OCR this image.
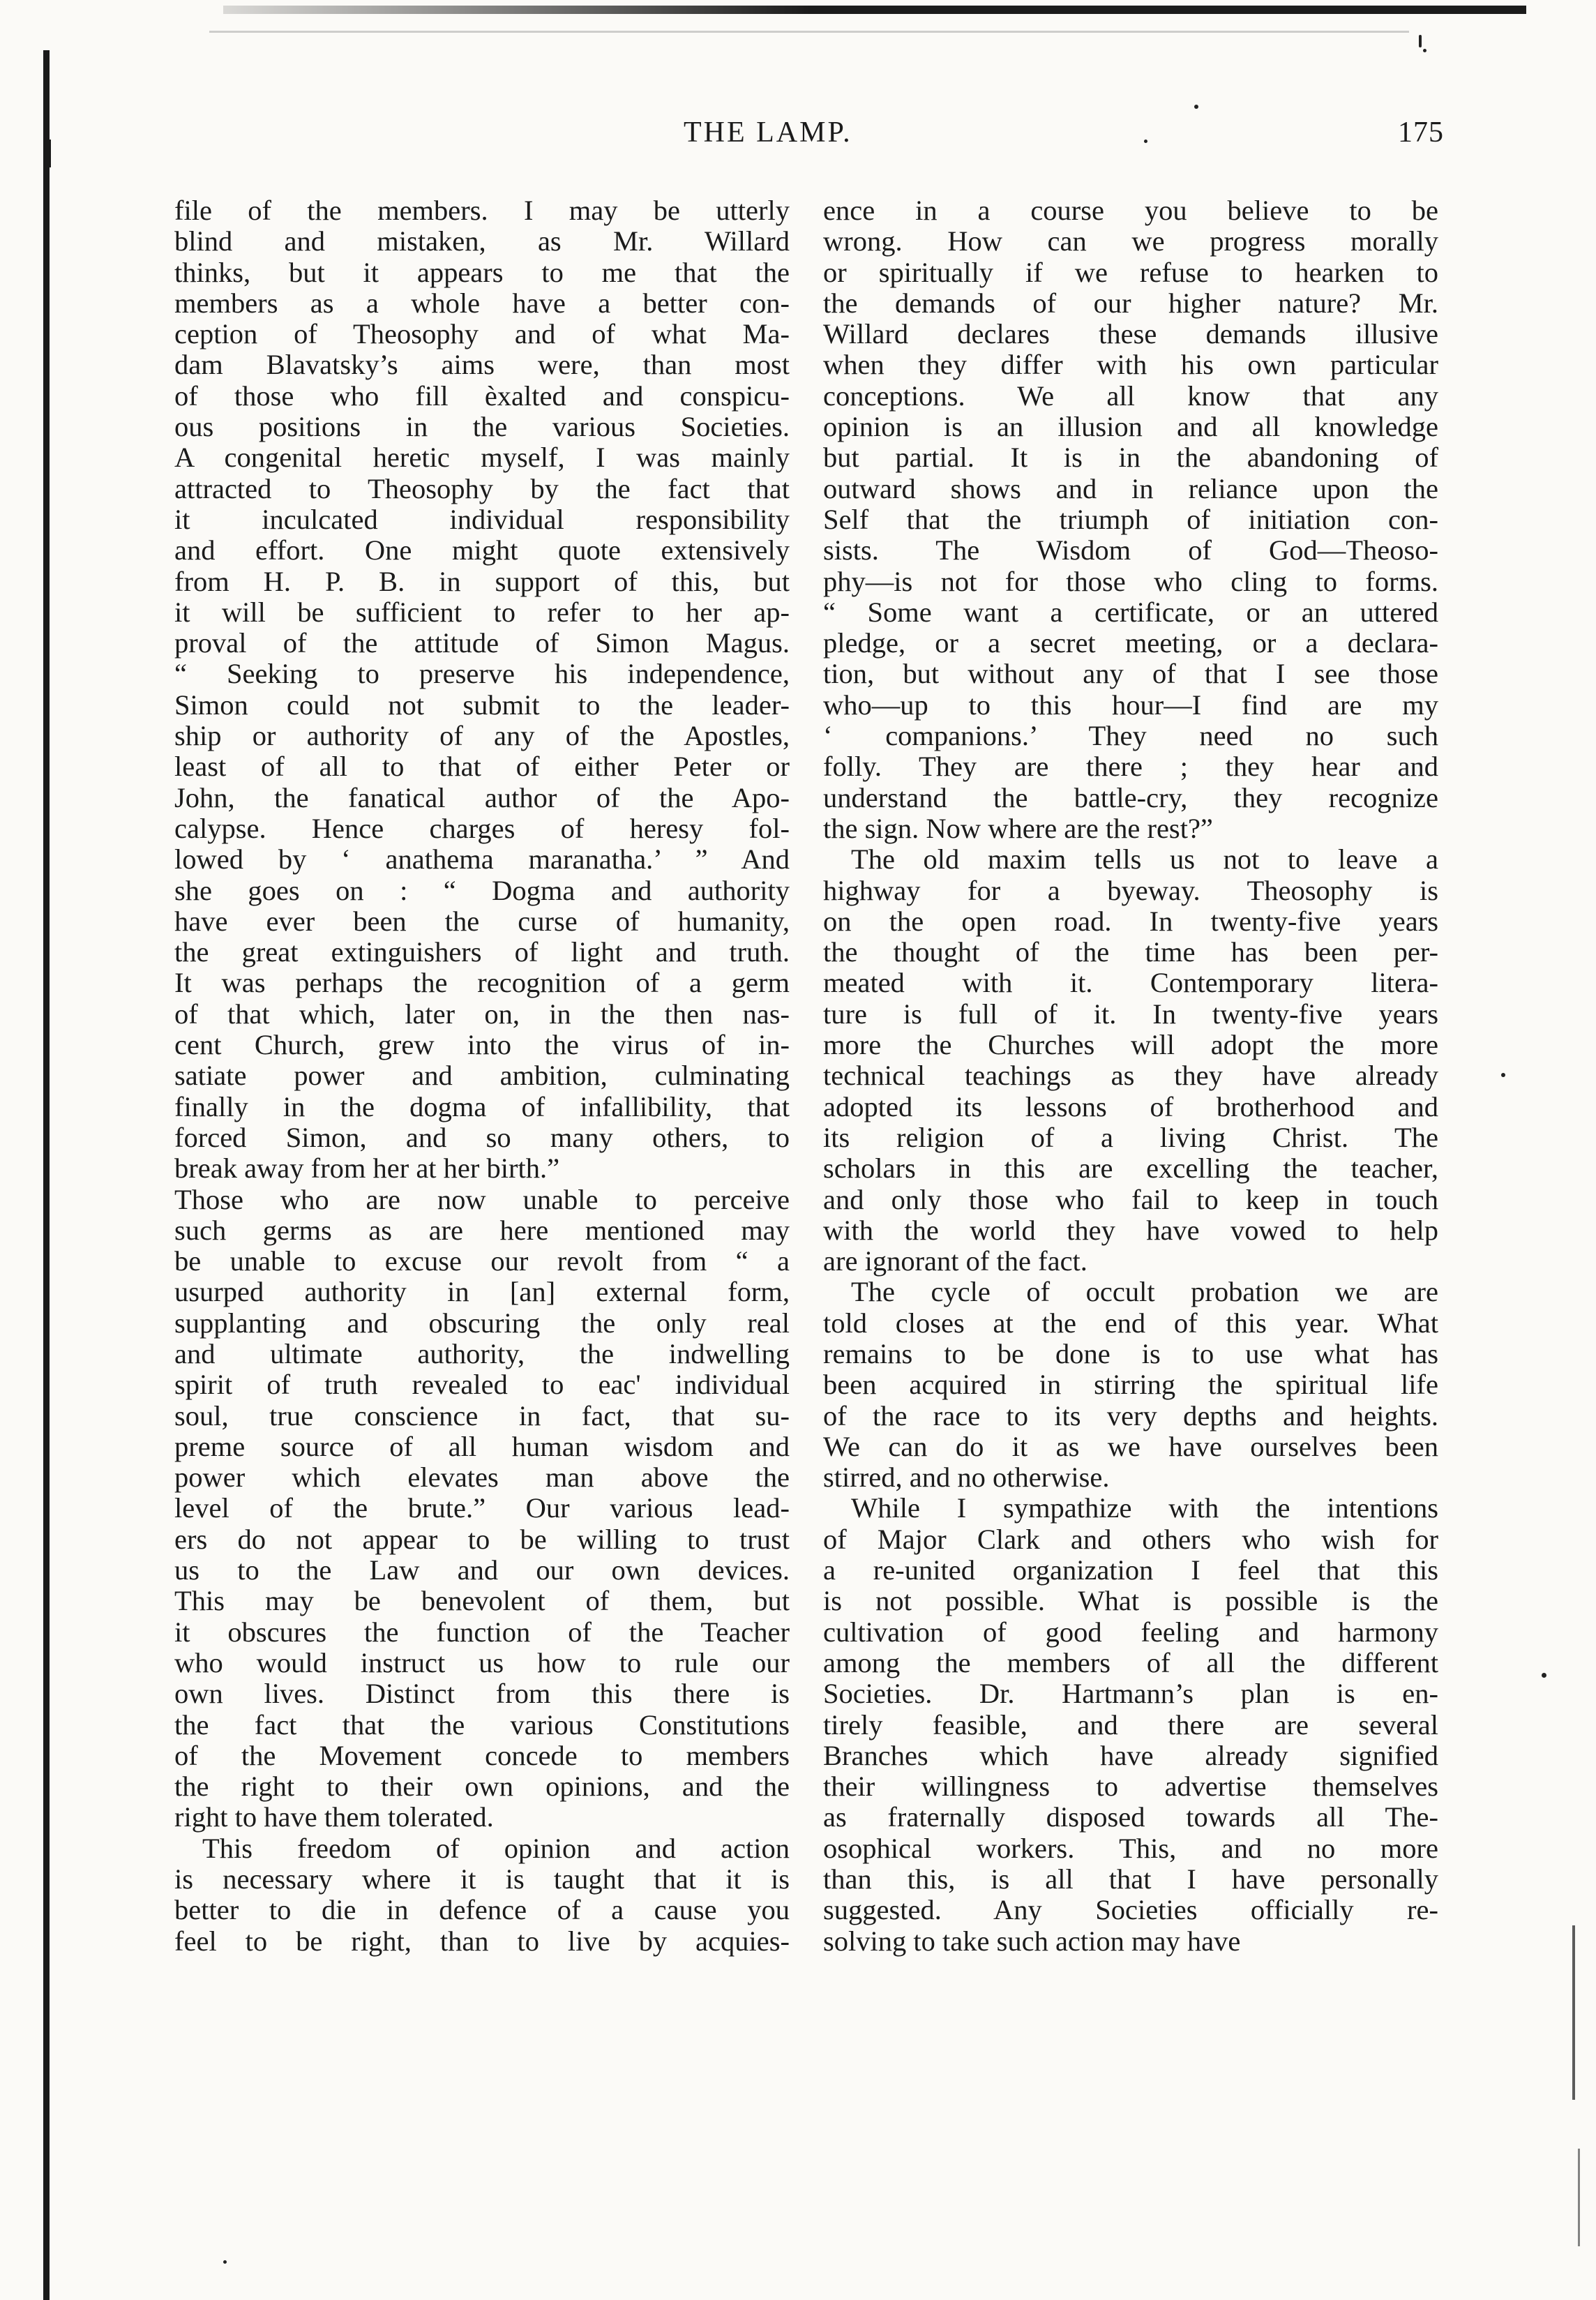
THE LAMP.	175
file of the members. I may be utterly
blind and mistaken, as Mr. Willard
thinks, but it appears to me that the
members as a whole have a better con-
ception of Theosophy and of what Ma-
dam Blavatsky’s aims were, than most
of those who fill èxalted and conspicu-
ous positions in the various Societies.
A congenital heretic myself, I was mainly
attracted to Theosophy by the fact that
it inculcated individual responsibility
and effort. One might quote extensively
from H. P. B. in support of this, but
it will be sufficient to refer to her ap-
proval of the attitude of Simon Magus.
“ Seeking to preserve his independence,
Simon could not submit to the leader-
ship or authority of any of the Apostles,
least of all to that of either Peter or
John, the fanatical author of the Apo-
calypse. Hence charges of heresy fol-
lowed by ‘ anathema maranatha.’ ” And
she goes on : “ Dogma and authority
have ever been the curse of humanity,
the great extinguishers of light and truth.
It was perhaps the recognition of a germ
of that which, later on, in the then nas-
cent Church, grew into the virus of in-
satiate power and ambition, culminating
finally in the dogma of infallibility, that
forced Simon, and so many others, to
break away from her at her birth.”
Those who are now unable to perceive
such germs as are here mentioned may
be unable to excuse our revolt from “ a
usurped authority in [an] external form,
supplanting and obscuring the only real
and ultimate authority, the indwelling
spirit of truth revealed to eac' individual
soul, true conscience in fact, that su-
preme source of all human wisdom and
power which elevates man above the
level of the brute.” Our various lead-
ers do not appear to be willing to trust
us to the Law and our own devices.
This may be benevolent of them, but
it obscures the function of the Teacher
who would instruct us how to rule our
own lives. Distinct from this there is
the fact that the various Constitutions
of the Movement concede to members
the right to their own opinions, and the
right to have them tolerated.
This freedom of opinion and action
is necessary where it is taught that it is
better to die in defence of a cause you
feel to be right, than to live by acquies-
ence in a course you believe to be
wrong. How can we progress morally
or spiritually if we refuse to hearken to
the demands of our higher nature? Mr.
Willard declares these demands illusive
when they differ with his own particular
conceptions. We all know that any
opinion is an illusion and all knowledge
but partial. It is in the abandoning of
outward shows and in reliance upon the
Self that the triumph of initiation con-
sists. The Wisdom of God—Theoso-
phy—is not for those who cling to forms.
“ Some want a certificate, or an uttered
pledge, or a secret meeting, or a declara-
tion, but without any of that I see those
who—up to this hour—I find are my
‘ companions.’ They need no such
folly. They are there ; they hear and
understand the battle-cry, they recognize
the sign. Now where are the rest?”
The old maxim tells us not to leave a
highway for a byeway. Theosophy is
on the open road. In twenty-five years
the thought of the time has been per-
meated with it. Contemporary litera-
ture is full of it. In twenty-five years
more the Churches will adopt the more
technical teachings as they have already
adopted its lessons of brotherhood and
its religion of a living Christ. The
scholars in this are excelling the teacher,
and only those who fail to keep in touch
with the world they have vowed to help
are ignorant of the fact.
The cycle of occult probation we are
told closes at the end of this year. What
remains to be done is to use what has
been acquired in stirring the spiritual life
of the race to its very depths and heights.
We can do it as we have ourselves been
stirred, and no otherwise.
While I sympathize with the intentions
of Major Clark and others who wish for
a re-united organization I feel that this
is not possible. What is possible is the
cultivation of good feeling and harmony
among the members of all the different
Societies. Dr. Hartmann’s plan is en-
tirely feasible, and there are several
Branches which have already signified
their willingness to advertise themselves
as fraternally disposed towards all The-
osophical workers. This, and no more
than this, is all that I have personally
suggested. Any Societies officially re-
solving to take such action may have
